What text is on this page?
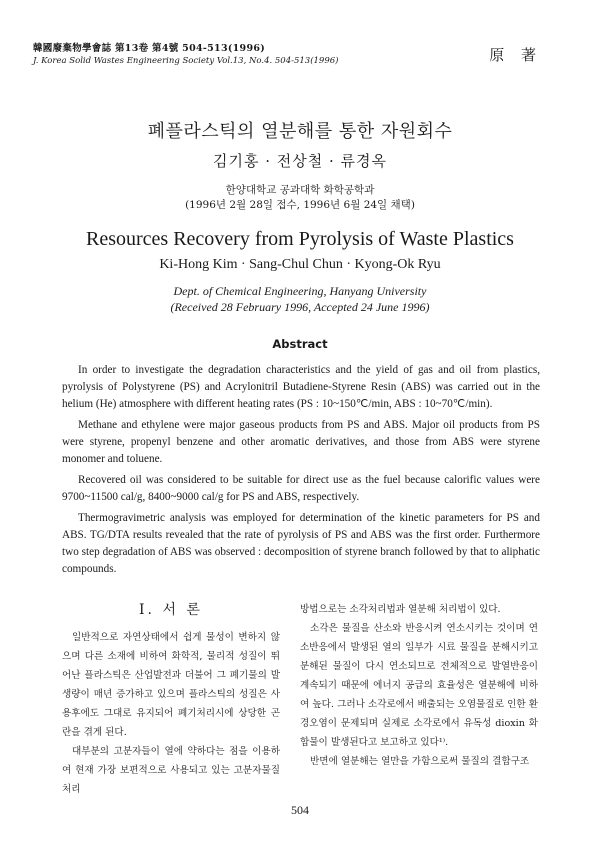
韓國廢棄物學會誌 第13卷 第4號 504-513(1996)
J. Korea Solid Wastes Engineering Society Vol.13, No.4. 504-513(1996)	原 著
폐플라스틱의 열분해를 통한 자원회수
김기홍 · 전상철 · 류경옥
한양대학교 공과대학 화학공학과
(1996년 2월 28일 접수, 1996년 6월 24일 채택)
Resources Recovery from Pyrolysis of Waste Plastics
Ki-Hong Kim · Sang-Chul Chun · Kyong-Ok Ryu
Dept. of Chemical Engineering, Hanyang University
(Received 28 February 1996, Accepted 24 June 1996)
Abstract

In order to investigate the degradation characteristics and the yield of gas and oil from plastics, pyrolysis of Polystyrene (PS) and Acrylonitril Butadiene-Styrene Resin (ABS) was carried out in the helium (He) atmosphere with different heating rates (PS : 10~150℃/min, ABS : 10~70℃/min).

Methane and ethylene were major gaseous products from PS and ABS. Major oil products from PS were styrene, propenyl benzene and other aromatic derivatives, and those from ABS were styrene monomer and toluene.

Recovered oil was considered to be suitable for direct use as the fuel because calorific values were 9700~11500 cal/g, 8400~9000 cal/g for PS and ABS, respectively.

Thermogravimetric analysis was employed for determination of the kinetic parameters for PS and ABS. TG/DTA results revealed that the rate of pyrolysis of PS and ABS was the first order. Furthermore two step degradation of ABS was observed : decomposition of styrene branch followed by that to aliphatic compounds.

Ⅰ. 서 론

일반적으로 자연상태에서 쉽게 물성이 변하지 않으며 다른 소재에 비하여 화학적, 물리적 성질이 뛰어난 플라스틱은 산업발전과 더불어 그 폐기물의 발생량이 매년 증가하고 있으며 플라스틱의 성질은 사용후에도 그대로 유지되어 폐기처리시에 상당한 곤란을 겪게 된다.

대부분의 고분자들이 열에 약하다는 점을 이용하여 현재 가장 보편적으로 사용되고 있는 고분자물질 처리

방법으로는 소각처리법과 열분해 처리법이 있다.

소각은 물질을 산소와 반응시켜 연소시키는 것이며 연소반응에서 발생된 열의 일부가 시료 물질을 분해시키고 분해된 물질이 다시 연소되므로 전체적으로 발열반응이 계속되기 때문에 에너지 공급의 효율성은 열분해에 비하여 높다. 그러나 소각로에서 배출되는 오염물질로 인한 환경오염이 문제되며 실제로 소각로에서 유독성 dioxin 화합물이 발생된다고 보고하고 있다¹⁾.

반면에 열분해는 열만을 가함으로써 물질의 결합구조

504
